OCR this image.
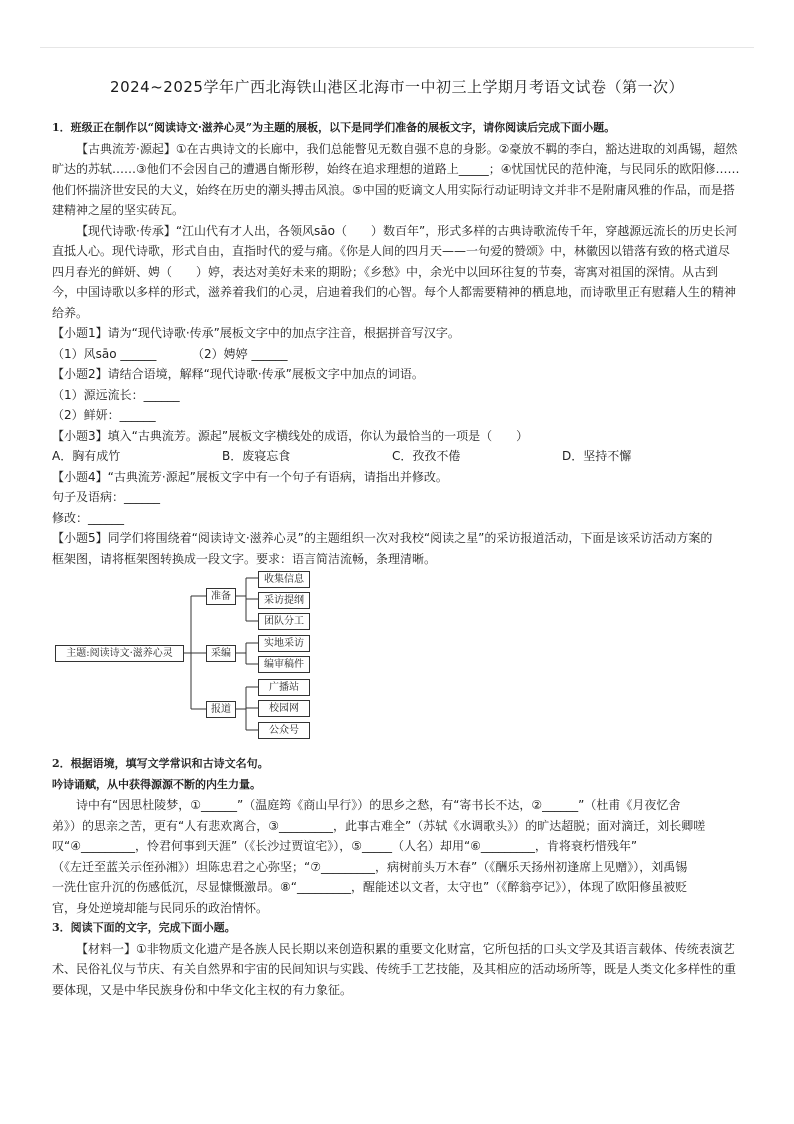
2024~2025学年广西北海铁山港区北海市一中初三上学期月考语文试卷（第一次）

1．班级正在制作以“阅读诗文·滋养心灵”为主题的展板，以下是同学们准备的展板文字，请你阅读后完成下面小题。

【古典流芳·源起】①在古典诗文的长廊中，我们总能瞥见无数自强不息的身影。②豪放不羁的李白，豁达进取的刘禹锡，超然

旷达的苏轼……③他们不会因自己的遭遇自惭形秽，始终在追求理想的道路上_____；④忧国忧民的范仲淹，与民同乐的欧阳修……

他们怀揣济世安民的大义，始终在历史的潮头搏击风浪。⑤中国的贬谪文人用实际行动证明诗文并非不是附庸风雅的作品，而是搭

建精神之屋的坚实砖瓦。

【现代诗歌·传承】“江山代有才人出，各领风sāo（　　）数百年”，形式多样的古典诗歌流传千年，穿越源远流长的历史长河

直抵人心。现代诗歌，形式自由，直指时代的爱与痛。《你是人间的四月天——一句爱的赞颂》中，林徽因以错落有致的格式道尽

四月春光的鲜妍、娉（　　）婷，表达对美好未来的期盼；《乡愁》中，余光中以回环往复的节奏，寄寓对祖国的深情。从古到

今，中国诗歌以多样的形式，滋养着我们的心灵，启迪着我们的心智。每个人都需要精神的栖息地，而诗歌里正有慰藉人生的精神

给养。

【小题1】请为“现代诗歌·传承”展板文字中的加点字注音，根据拼音写汉字。

（1）风sāo ______	（2）娉婷 ______

【小题2】请结合语境，解释“现代诗歌·传承”展板文字中加点的词语。

（1）源远流长：______

（2）鲜妍：______

【小题3】填入“古典流芳。源起”展板文字横线处的成语，你认为最恰当的一项是（　　）

A．胸有成竹	B．废寝忘食	C．孜孜不倦	D．坚持不懈

【小题4】“古典流芳·源起”展板文字中有一个句子有语病，请指出并修改。

句子及语病：______

修改：______

【小题5】同学们将围绕着“阅读诗文·滋养心灵”的主题组织一次对我校“阅读之星”的采访报道活动，下面是该采访活动方案的

框架图，请将框架图转换成一段文字。要求：语言简洁流畅，条理清晰。

主题:阅读诗文·滋养心灵
准备
采编
报道
收集信息
采访提纲
团队分工
实地采访
编审稿件
广播站
校园网
公众号

2．根据语境，填写文学常识和古诗文名句。

吟诗诵赋，从中获得源源不断的内生力量。

诗中有“因思杜陵梦，①______”（温庭筠《商山早行》）的思乡之愁，有“寄书长不达，②______”（杜甫《月夜忆舍

弟》）的思亲之苦，更有“人有悲欢离合，③_________，此事古难全”（苏轼《水调歌头》）的旷达超脱；面对滴迁，刘长卿嗟

叹“④_________，怜君何事到天涯”（《长沙过贾谊宅》），⑤_____（人名）却用“⑥_________，肯将衰朽惜残年”

（《左迁至蓝关示侄孙湘》）坦陈忠君之心弥坚；“⑦_________，病树前头万木春”（《酬乐天扬州初逢席上见赠》），刘禹锡

一洗仕宦升沉的伤感低沉，尽显慷慨激昂。⑧“_________，醒能述以文者，太守也”（《醉翁亭记》），体现了欧阳修虽被贬

官，身处逆境却能与民同乐的政治情怀。

3．阅读下面的文字，完成下面小题。

【材料一】①非物质文化遗产是各族人民长期以来创造积累的重要文化财富，它所包括的口头文学及其语言载体、传统表演艺

术、民俗礼仪与节庆、有关自然界和宇宙的民间知识与实践、传统手工艺技能，及其相应的活动场所等，既是人类文化多样性的重

要体现，又是中华民族身份和中华文化主权的有力象征。
